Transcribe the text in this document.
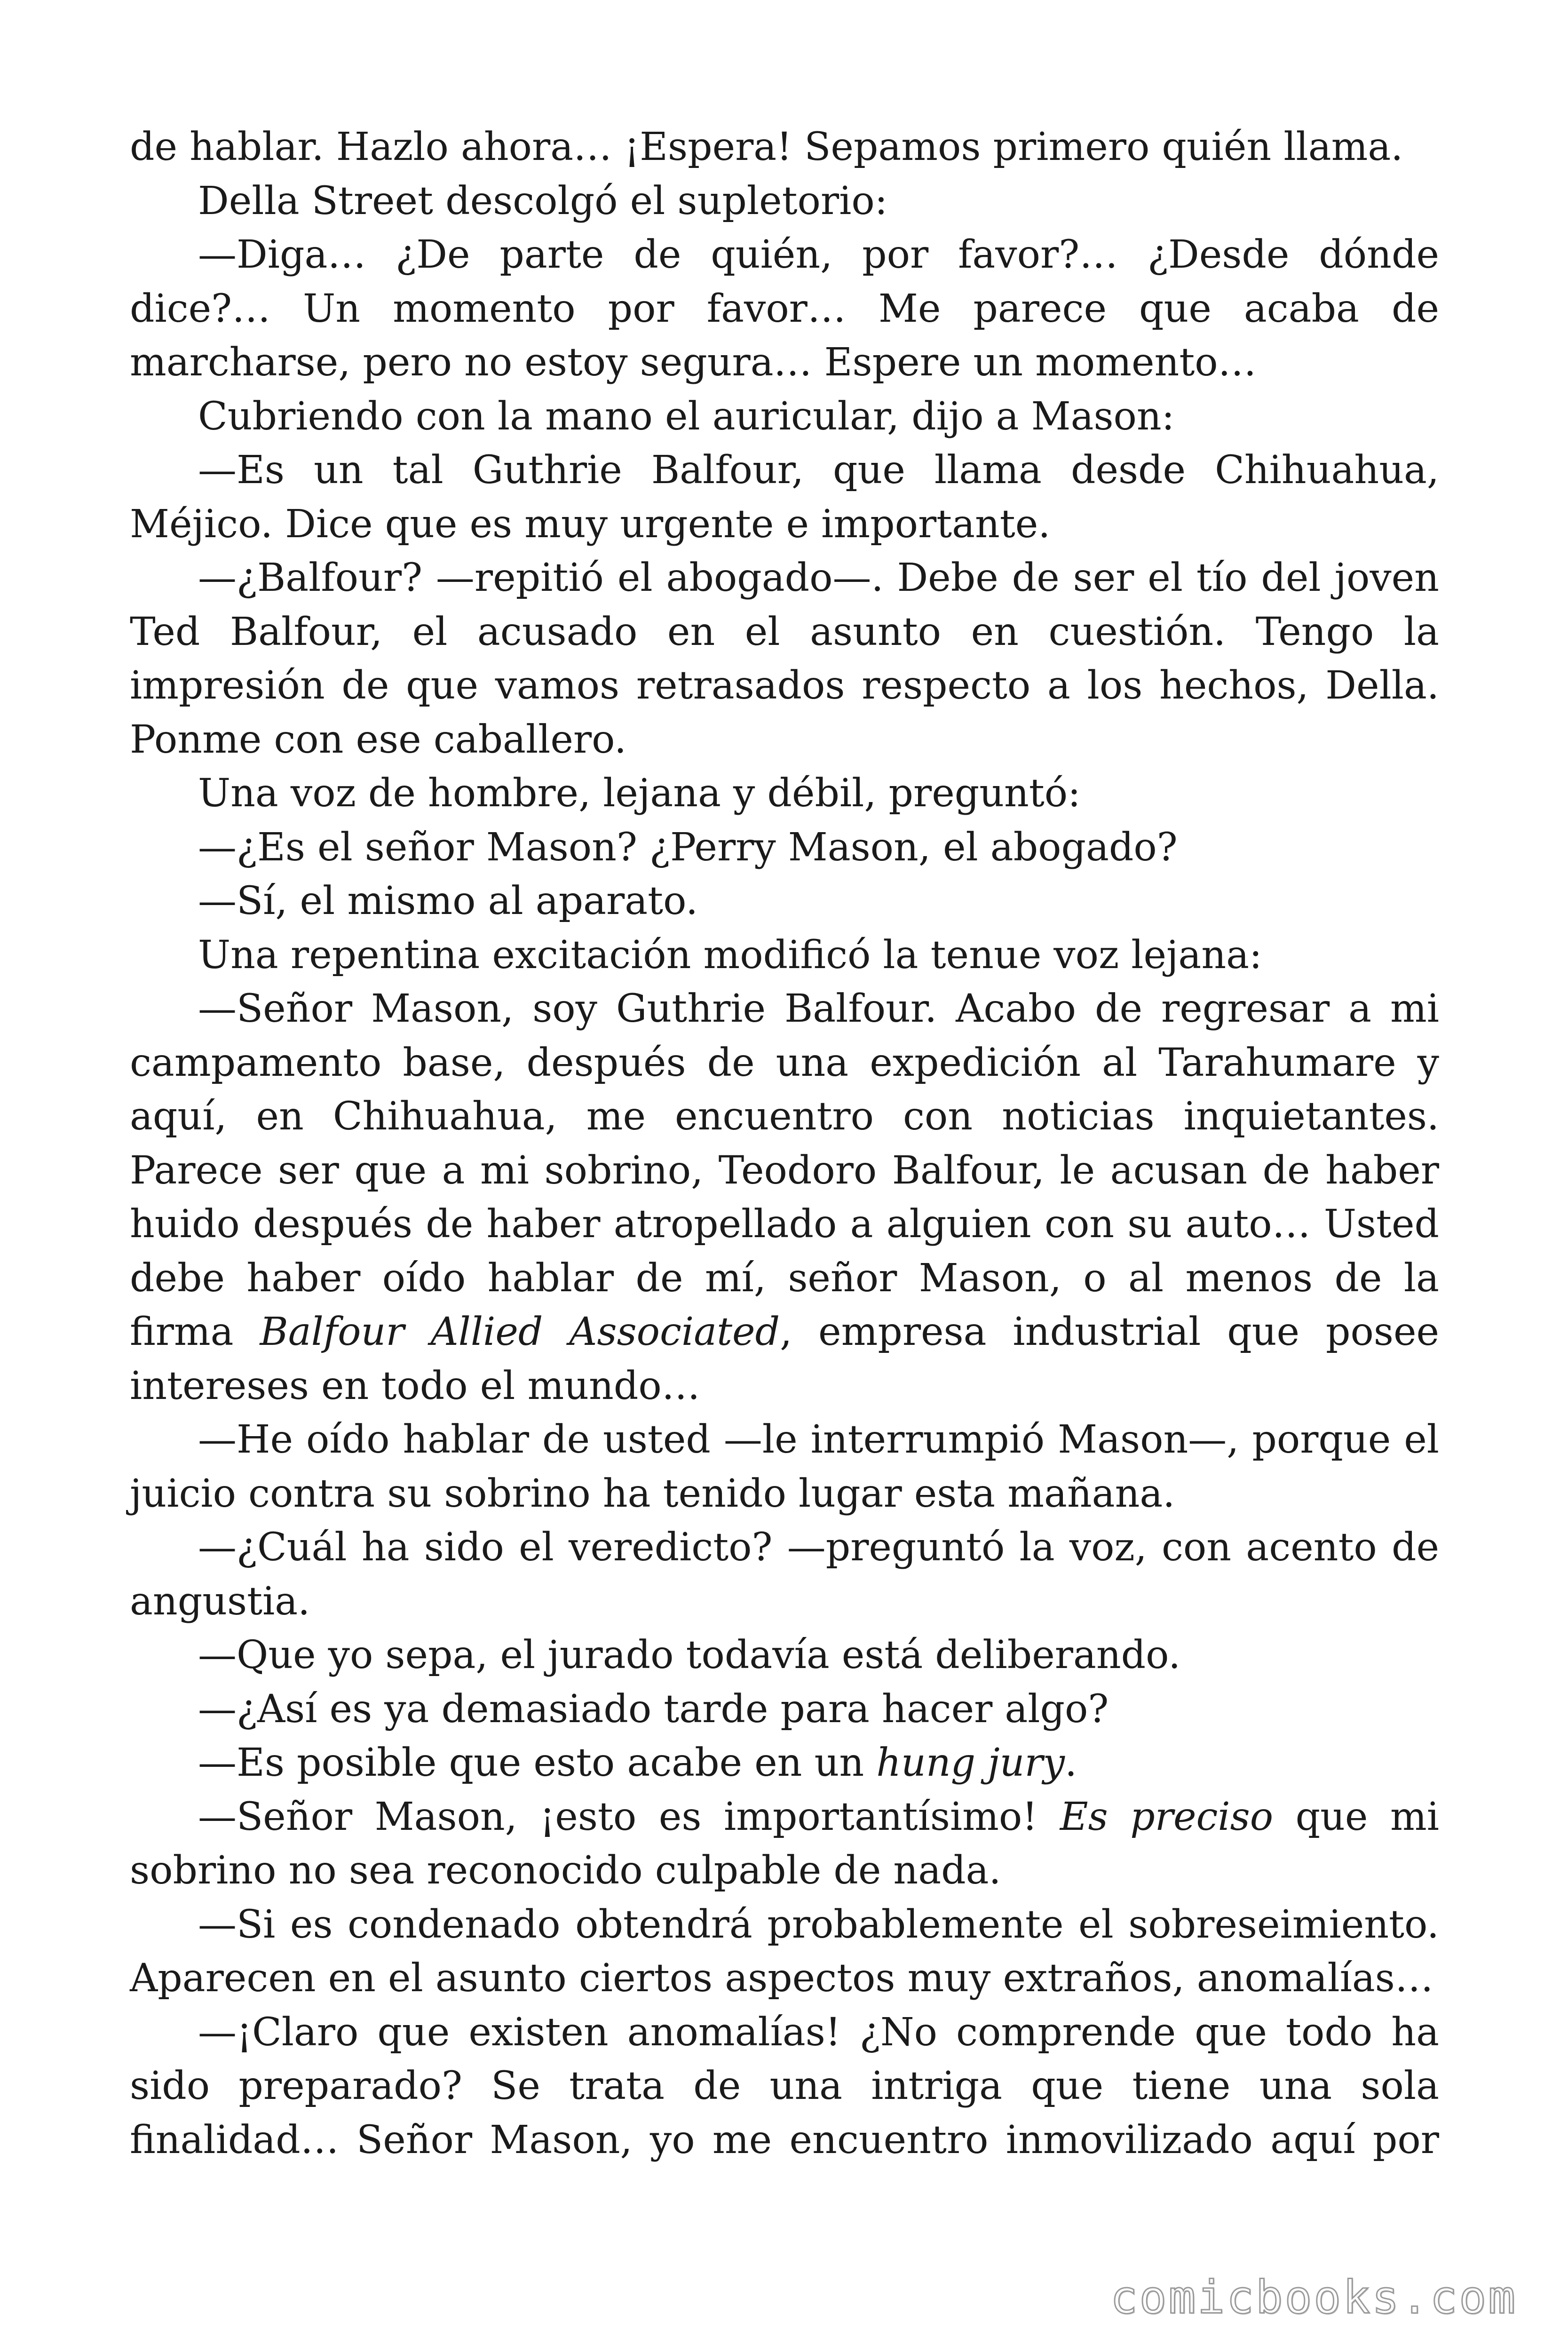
de hablar. Hazlo ahora… ¡Espera! Sepamos primero quién llama.

Della Street descolgó el supletorio:

—Diga… ¿De parte de quién, por favor?… ¿Desde dónde dice?… Un momento por favor… Me parece que acaba de marcharse, pero no estoy segura… Espere un momento…

Cubriendo con la mano el auricular, dijo a Mason:

—Es un tal Guthrie Balfour, que llama desde Chihuahua, Méjico. Dice que es muy urgente e importante.

—¿Balfour? —repitió el abogado—. Debe de ser el tío del joven Ted Balfour, el acusado en el asunto en cuestión. Tengo la impresión de que vamos retrasados respecto a los hechos, Della. Ponme con ese caballero.

Una voz de hombre, lejana y débil, preguntó:

—¿Es el señor Mason? ¿Perry Mason, el abogado?

—Sí, el mismo al aparato.

Una repentina excitación modificó la tenue voz lejana:

—Señor Mason, soy Guthrie Balfour. Acabo de regresar a mi campamento base, después de una expedición al Tarahumare y aquí, en Chihuahua, me encuentro con noticias inquietantes. Parece ser que a mi sobrino, Teodoro Balfour, le acusan de haber huido después de haber atropellado a alguien con su auto… Usted debe haber oído hablar de mí, señor Mason, o al menos de la firma Balfour Allied Associated, empresa industrial que posee intereses en todo el mundo…

—He oído hablar de usted —le interrumpió Mason—, porque el juicio contra su sobrino ha tenido lugar esta mañana.

—¿Cuál ha sido el veredicto? —preguntó la voz, con acento de angustia.

—Que yo sepa, el jurado todavía está deliberando.

—¿Así es ya demasiado tarde para hacer algo?

—Es posible que esto acabe en un hung jury.

—Señor Mason, ¡esto es importantísimo! Es preciso que mi sobrino no sea reconocido culpable de nada.

—Si es condenado obtendrá probablemente el sobreseimiento. Aparecen en el asunto ciertos aspectos muy extraños, anomalías…

—¡Claro que existen anomalías! ¿No comprende que todo ha sido preparado? Se trata de una intriga que tiene una sola finalidad… Señor Mason, yo me encuentro inmovilizado aquí por

comicbooks.com
